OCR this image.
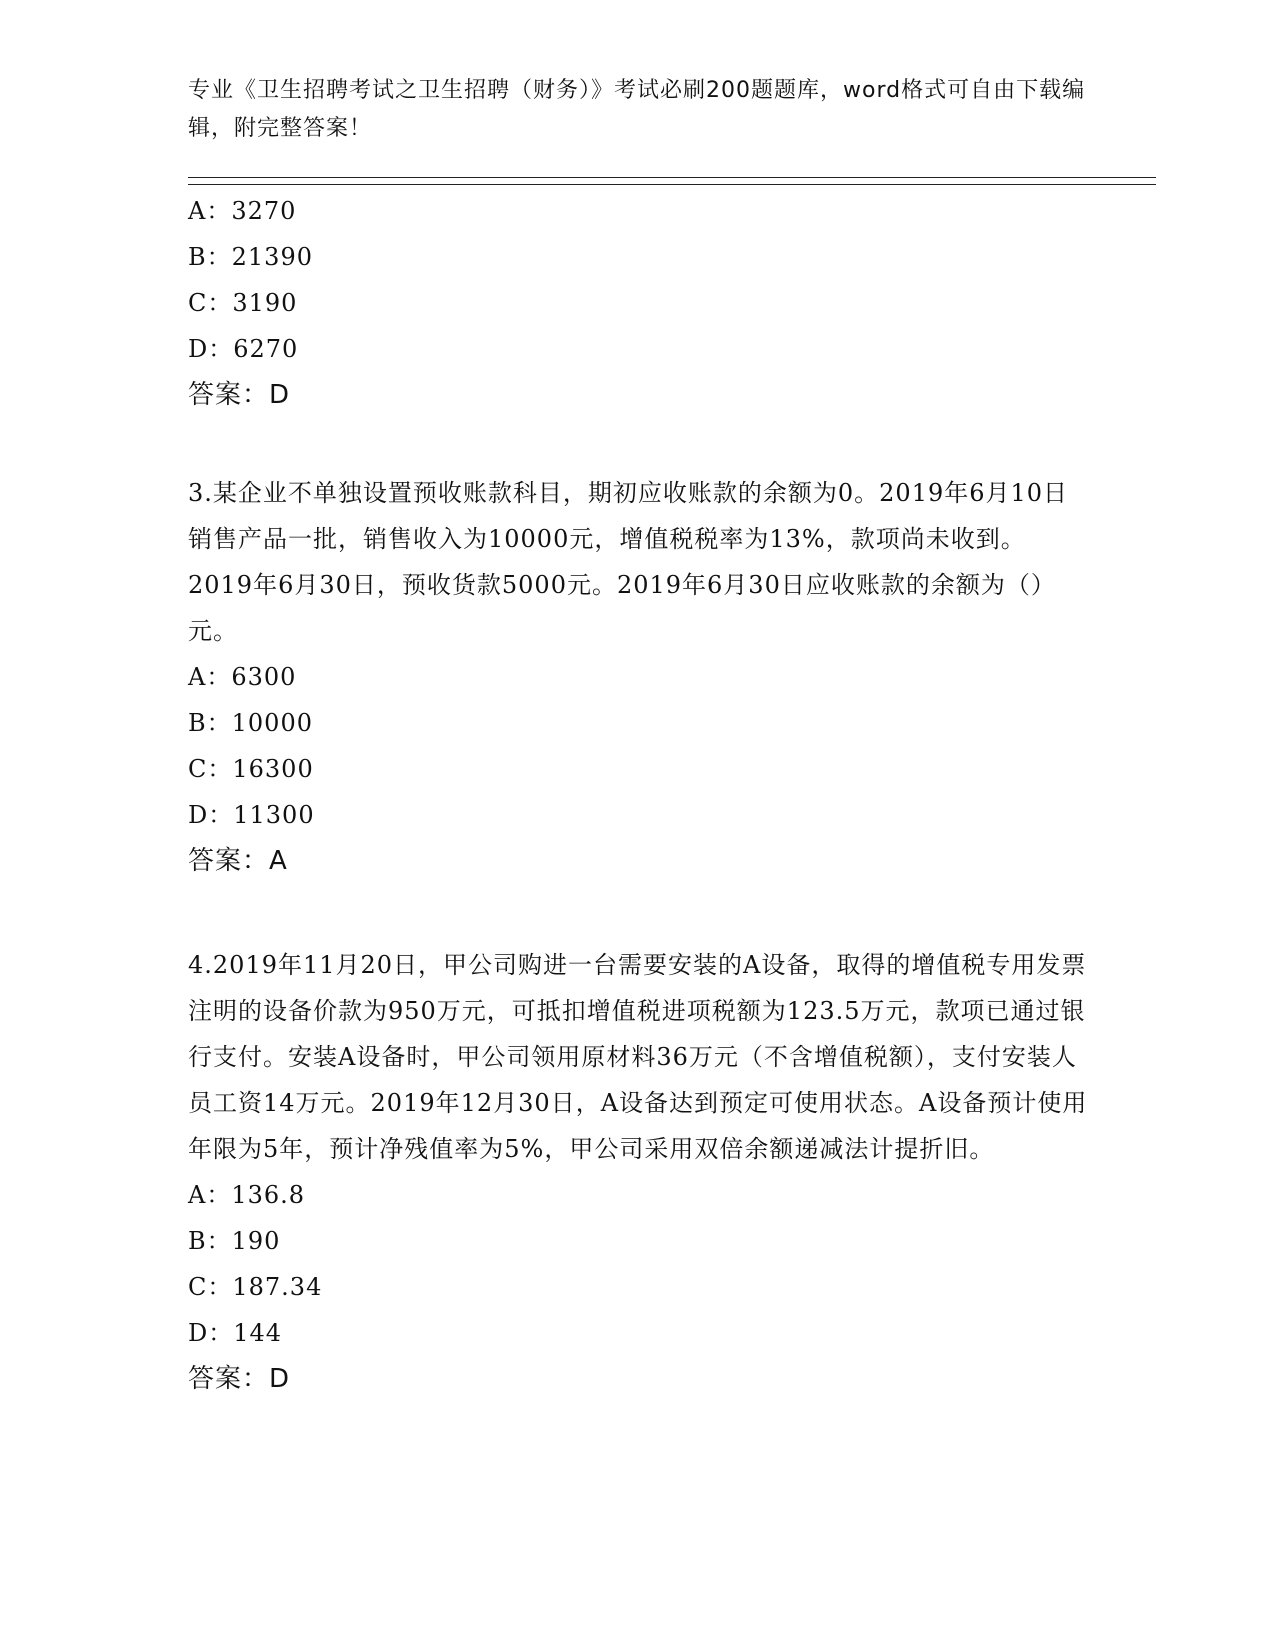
专业《卫生招聘考试之卫生招聘（财务）》考试必刷200题题库，word格式可自由下载编辑，附完整答案！
A：3270
B：21390
C：3190
D：6270
答案：D
3.某企业不单独设置预收账款科目，期初应收账款的余额为0。2019年6月10日销售产品一批，销售收入为10000元，增值税税率为13%，款项尚未收到。2019年6月30日，预收货款5000元。2019年6月30日应收账款的余额为（）元。
A：6300
B：10000
C：16300
D：11300
答案：A
4.2019年11月20日，甲公司购进一台需要安装的A设备，取得的增值税专用发票注明的设备价款为950万元，可抵扣增值税进项税额为123.5万元，款项已通过银行支付。安装A设备时，甲公司领用原材料36万元（不含增值税额），支付安装人员工资14万元。2019年12月30日，A设备达到预定可使用状态。A设备预计使用年限为5年，预计净残值率为5%，甲公司采用双倍余额递减法计提折旧。
A：136.8
B：190
C：187.34
D：144
答案：D
